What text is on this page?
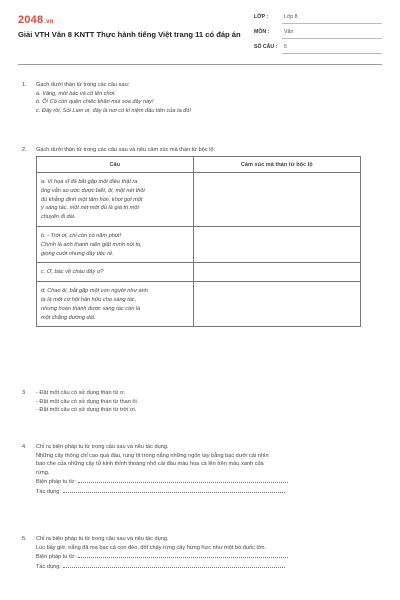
2048.vn
Giải VTH Văn 8 KNTT Thực hành tiếng Việt trang 11 có đáp án
LỚP :	Lớp 8
MÔN :	Văn
SỐ CÂU : 5
1.	Gạch dưới thán từ trong các câu sau:
a. Vâng, mời bác và cô lên chơi.
b. Ồ! Cô còn quên chiếc khăn mùi soa đây này!
c. Đây rồi, Sói Lam ơi, đây là nơi có kỉ niệm đầu tiên của ta đó!
2.	Gạch dưới thán từ trong các câu sau và nêu cảm xúc mà thán từ bộc lộ:
Câu	Cảm xúc mà thán từ bộc lộ

a. Vì họa sĩ đã bắt gặp một điều thật ra
ông vẫn ao ước được biết, ôi, một nét thôi
đủ khẳng định một tâm hồn, khơi gợi một
ý sáng tác, một nét mới đủ là giá trị một
chuyến đi dài.	

b. - Trời ơi, chỉ còn có năm phút!
Chính là anh thanh niên giật mình nói to,
giọng cười nhưng đầy tiếc rẻ.	

c. Ơ, bác vẽ cháu đấy ư?	

d. Chao ôi, bắt gặp một con người như anh
ta là một cơ hội hãn hữu cho sáng tác,
nhưng hoàn thành được sáng tác còn là
một chặng đường dài.	

3.	- Đặt một câu có sử dụng thán từ ơ.
- Đặt một câu có sử dụng thán từ than ôi.
- Đặt một câu có sử dụng thán từ trời ơi.
4.	Chỉ ra biện pháp tu từ trong câu sau và nêu tác dụng.
Những cây thông chỉ cao quá đầu, rung tít trong nắng những ngón tay bằng bạc dưới cái nhìn
bao che của những cây tử kinh thỉnh thoảng nhô cái đầu màu hoa cà lên trên màu xanh của
rừng.
Biện pháp tu từ:
Tác dụng:
5.	Chỉ ra biện pháp tu từ trong câu sau và nêu tác dụng.
Lúc bấy giờ, nắng đã mạ bạc cả con đèo, đốt cháy rừng cây hừng hực như một bó đuốc lớn.
Biện pháp tu từ:
Tác dụng:
